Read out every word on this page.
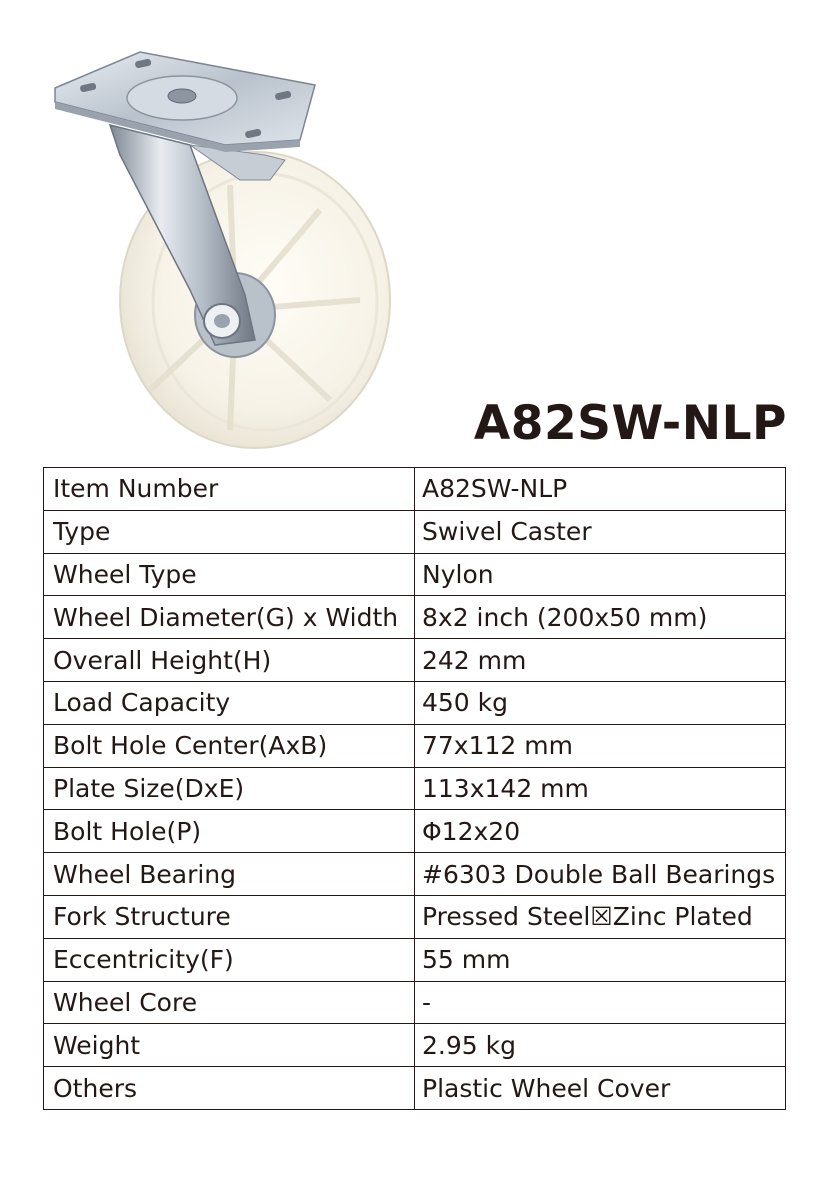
A82SW-NLP
Item Number	A82SW-NLP
Type	Swivel Caster
Wheel Type	Nylon
Wheel Diameter(G) x Width	8x2 inch (200x50 mm)
Overall Height(H)	242 mm
Load Capacity	450 kg
Bolt Hole Center(AxB)	77x112 mm
Plate Size(DxE)	113x142 mm
Bolt Hole(P)	Φ12x20
Wheel Bearing	#6303 Double Ball Bearings
Fork Structure	Pressed Steel☒Zinc Plated
Eccentricity(F)	55 mm
Wheel Core	-
Weight	2.95 kg
Others	Plastic Wheel Cover
